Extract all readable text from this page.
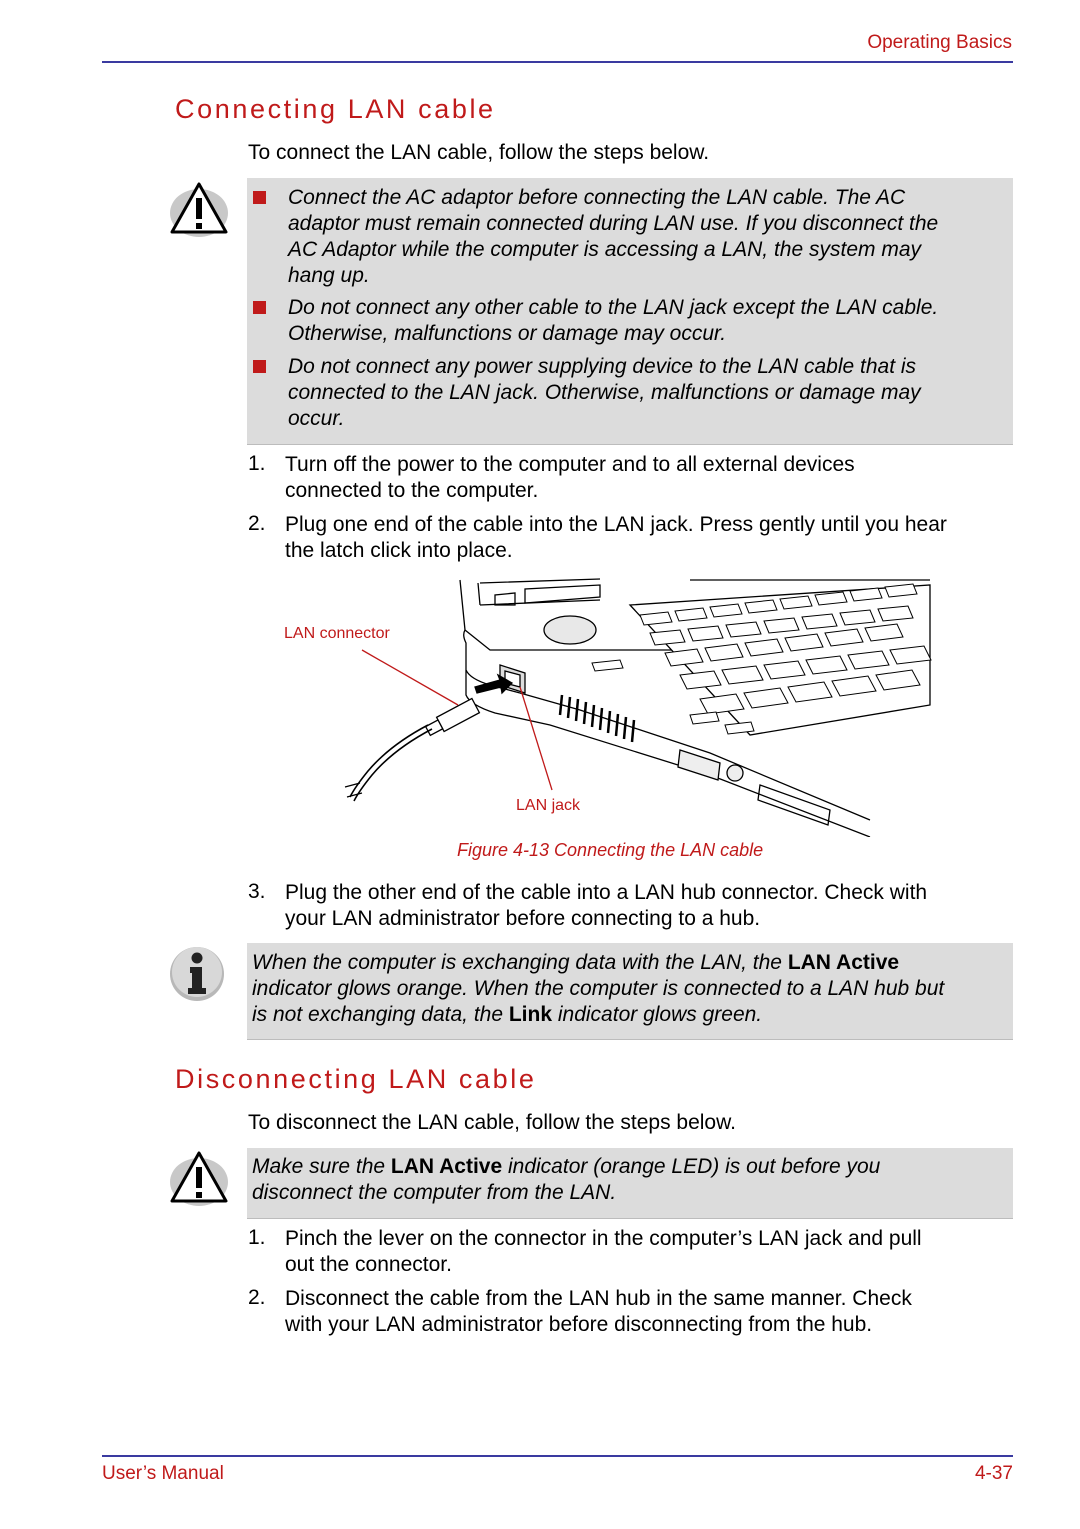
Operating Basics
Connecting LAN cable
To connect the LAN cable, follow the steps below.
Connect the AC adaptor before connecting the LAN cable. The AC
adaptor must remain connected during LAN use. If you disconnect the
AC Adaptor while the computer is accessing a LAN, the system may
hang up.
Do not connect any other cable to the LAN jack except the LAN cable.
Otherwise, malfunctions or damage may occur.
Do not connect any power supplying device to the LAN cable that is
connected to the LAN jack. Otherwise, malfunctions or damage may
occur.
1. Turn off the power to the computer and to all external devices
connected to the computer.
2. Plug one end of the cable into the LAN jack. Press gently until you hear
the latch click into place.
LAN connector
LAN jack
Figure 4-13 Connecting the LAN cable
3. Plug the other end of the cable into a LAN hub connector. Check with
your LAN administrator before connecting to a hub.
When the computer is exchanging data with the LAN, the LAN Active
indicator glows orange. When the computer is connected to a LAN hub but
is not exchanging data, the Link indicator glows green.
Disconnecting LAN cable
To disconnect the LAN cable, follow the steps below.
Make sure the LAN Active indicator (orange LED) is out before you
disconnect the computer from the LAN.
1. Pinch the lever on the connector in the computer’s LAN jack and pull
out the connector.
2. Disconnect the cable from the LAN hub in the same manner. Check
with your LAN administrator before disconnecting from the hub.
User’s Manual	4-37
